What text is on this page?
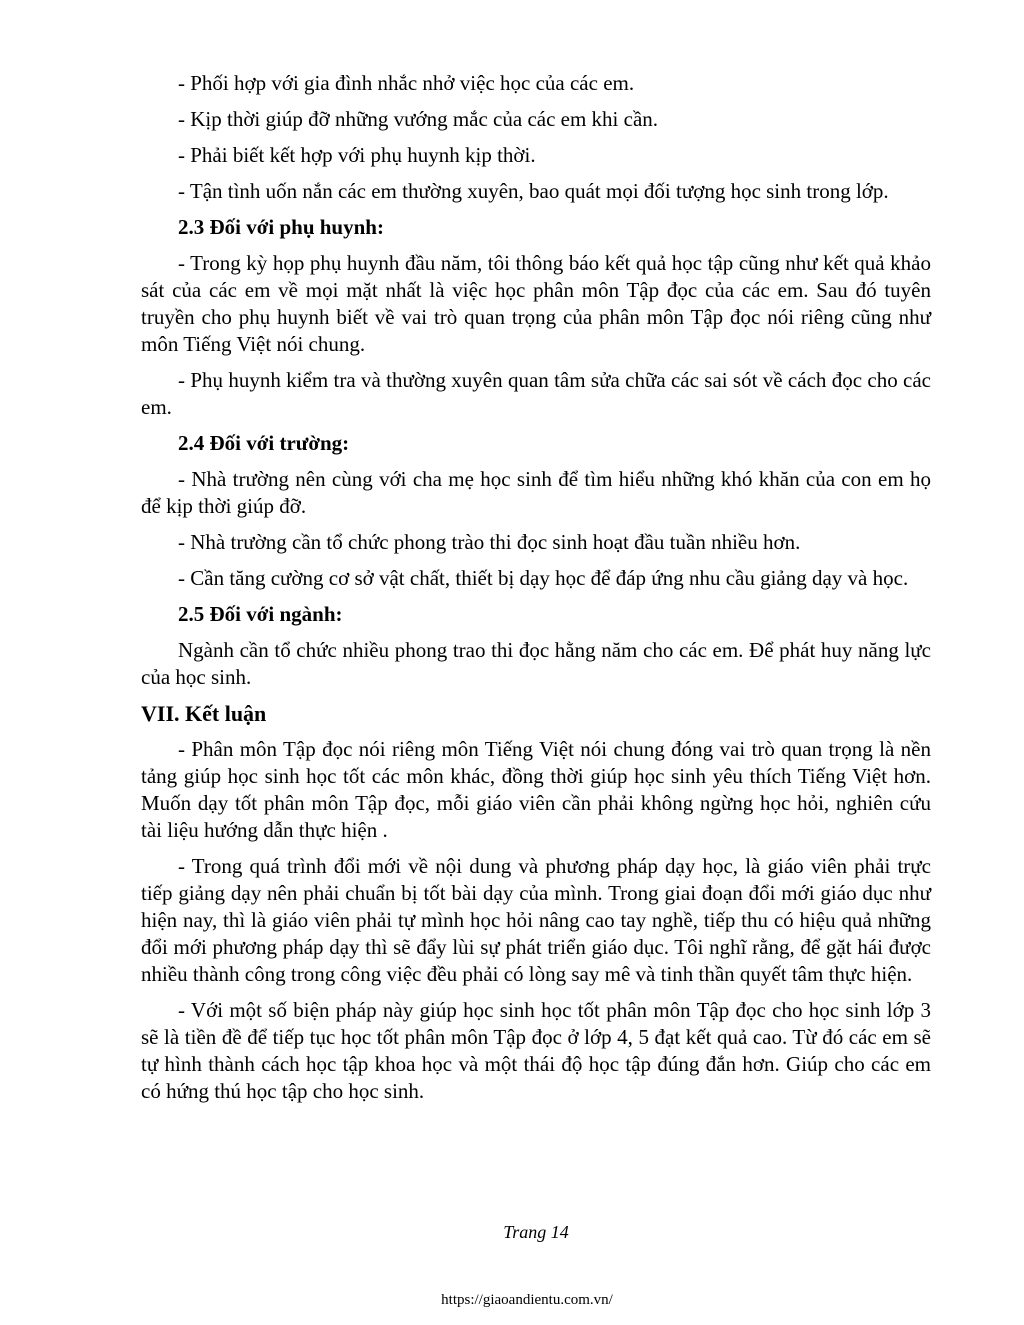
- Phối hợp với gia đình nhắc nhở việc học của các em.

- Kịp thời giúp đỡ những vướng mắc của các em khi cần.

- Phải biết kết hợp với phụ huynh kịp thời.

- Tận tình uốn nắn các em thường xuyên, bao quát mọi đối tượng học sinh trong lớp.

2.3 Đối với phụ huynh:

- Trong kỳ họp phụ huynh đầu năm, tôi thông báo kết quả học tập cũng như kết quả khảo sát của các em về mọi mặt nhất là việc học phân môn Tập đọc của các em. Sau đó tuyên truyền cho phụ huynh biết về vai trò quan trọng của phân môn Tập đọc nói riêng cũng như môn Tiếng Việt nói chung.

- Phụ huynh kiểm tra và thường xuyên quan tâm sửa chữa các sai sót về cách đọc cho các em.

2.4 Đối với trường:

- Nhà trường nên cùng với cha mẹ học sinh để tìm hiểu những khó khăn của con em họ để kịp thời giúp đỡ.

- Nhà trường cần tổ chức phong trào thi đọc sinh hoạt đầu tuần nhiều hơn.

- Cần tăng cường cơ sở vật chất, thiết bị dạy học để đáp ứng nhu cầu giảng dạy và học.

2.5 Đối với ngành:

Ngành cần tổ chức nhiều phong trao thi đọc hằng năm cho các em. Để phát huy năng lực của học sinh.

VII. Kết luận

- Phân môn Tập đọc nói riêng môn Tiếng Việt nói chung đóng vai trò quan trọng là nền tảng giúp học sinh học tốt các môn khác, đồng thời giúp học sinh yêu thích Tiếng Việt hơn. Muốn dạy tốt phân môn Tập đọc, mỗi giáo viên cần phải không ngừng học hỏi, nghiên cứu tài liệu hướng dẫn thực hiện .

- Trong quá trình đổi mới về nội dung và phương pháp dạy học, là giáo viên phải trực tiếp giảng dạy nên phải chuẩn bị tốt bài dạy của mình. Trong giai đoạn đổi mới giáo dục như hiện nay, thì là giáo viên phải tự mình học hỏi nâng cao tay nghề, tiếp thu có hiệu quả những đổi mới phương pháp dạy thì sẽ đẩy lùi sự phát triển giáo dục. Tôi nghĩ rằng, để gặt hái được nhiều thành công trong công việc đều phải có lòng say mê và tinh thần quyết tâm thực hiện.

- Với một số biện pháp này giúp học sinh học tốt phân môn Tập đọc cho học sinh lớp 3 sẽ là tiền đề để tiếp tục học tốt phân môn Tập đọc ở lớp 4, 5 đạt kết quả cao. Từ đó các em sẽ tự hình thành cách học tập khoa học và một thái độ học tập đúng đắn hơn. Giúp cho các em có hứng thú học tập cho học sinh.

Trang 14
https://giaoandientu.com.vn/
